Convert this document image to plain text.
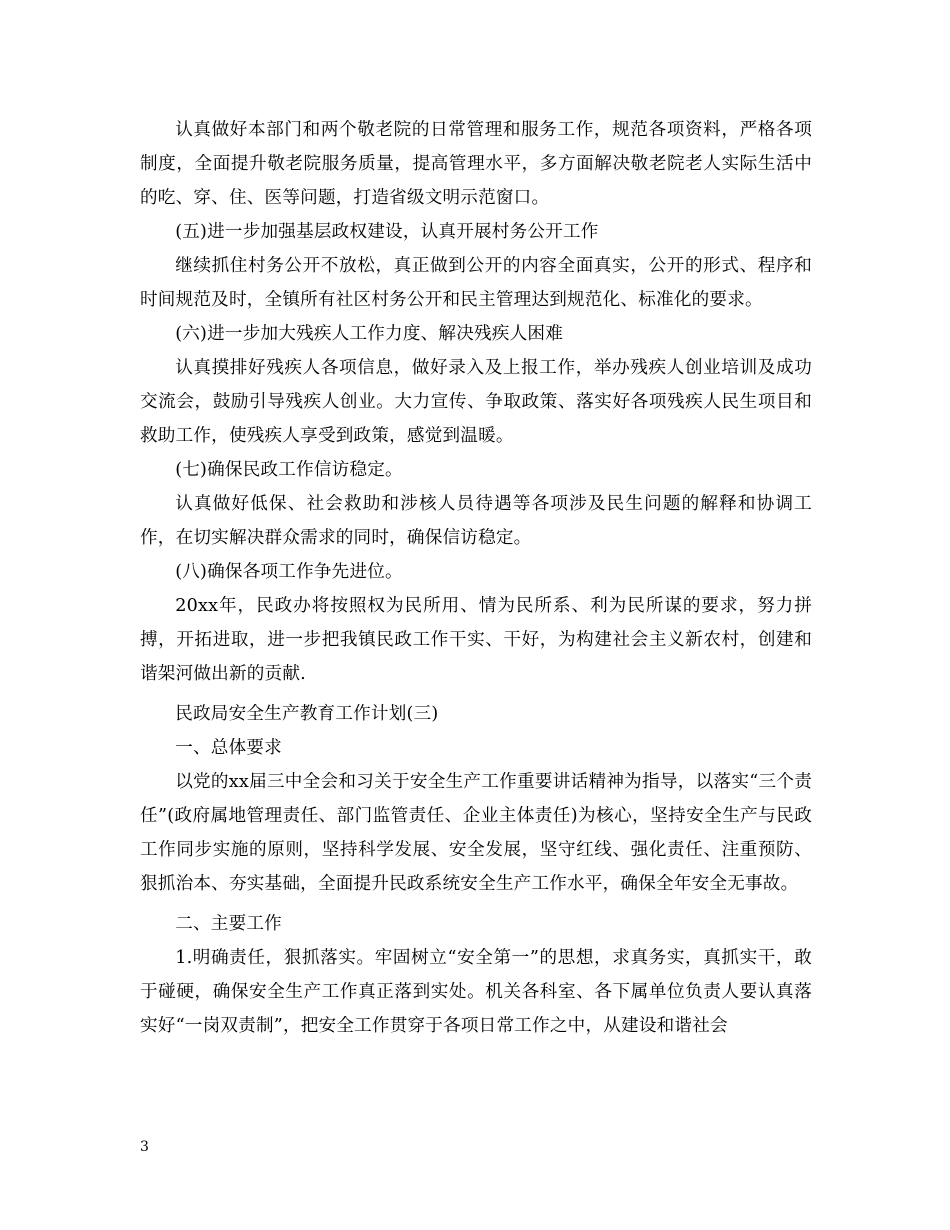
认真做好本部门和两个敬老院的日常管理和服务工作，规范各项资料，严格各项制度，全面提升敬老院服务质量，提高管理水平，多方面解决敬老院老人实际生活中的吃、穿、住、医等问题，打造省级文明示范窗口。

(五)进一步加强基层政权建设，认真开展村务公开工作

继续抓住村务公开不放松，真正做到公开的内容全面真实，公开的形式、程序和时间规范及时，全镇所有社区村务公开和民主管理达到规范化、标准化的要求。

(六)进一步加大残疾人工作力度、解决残疾人困难

认真摸排好残疾人各项信息，做好录入及上报工作，举办残疾人创业培训及成功交流会，鼓励引导残疾人创业。大力宣传、争取政策、落实好各项残疾人民生项目和救助工作，使残疾人享受到政策，感觉到温暖。

(七)确保民政工作信访稳定。

认真做好低保、社会救助和涉核人员待遇等各项涉及民生问题的解释和协调工作，在切实解决群众需求的同时，确保信访稳定。

(八)确保各项工作争先进位。

20xx年，民政办将按照权为民所用、情为民所系、利为民所谋的要求，努力拼搏，开拓进取，进一步把我镇民政工作干实、干好，为构建社会主义新农村，创建和谐架河做出新的贡献.

民政局安全生产教育工作计划(三)

一、总体要求

以党的xx届三中全会和习关于安全生产工作重要讲话精神为指导，以落实“三个责任”(政府属地管理责任、部门监管责任、企业主体责任)为核心，坚持安全生产与民政工作同步实施的原则，坚持科学发展、安全发展，坚守红线、强化责任、注重预防、狠抓治本、夯实基础，全面提升民政系统安全生产工作水平，确保全年安全无事故。

二、主要工作

1.明确责任，狠抓落实。牢固树立“安全第一”的思想，求真务实，真抓实干，敢于碰硬，确保安全生产工作真正落到实处。机关各科室、各下属单位负责人要认真落实好“一岗双责制”，把安全工作贯穿于各项日常工作之中，从建设和谐社会

3
